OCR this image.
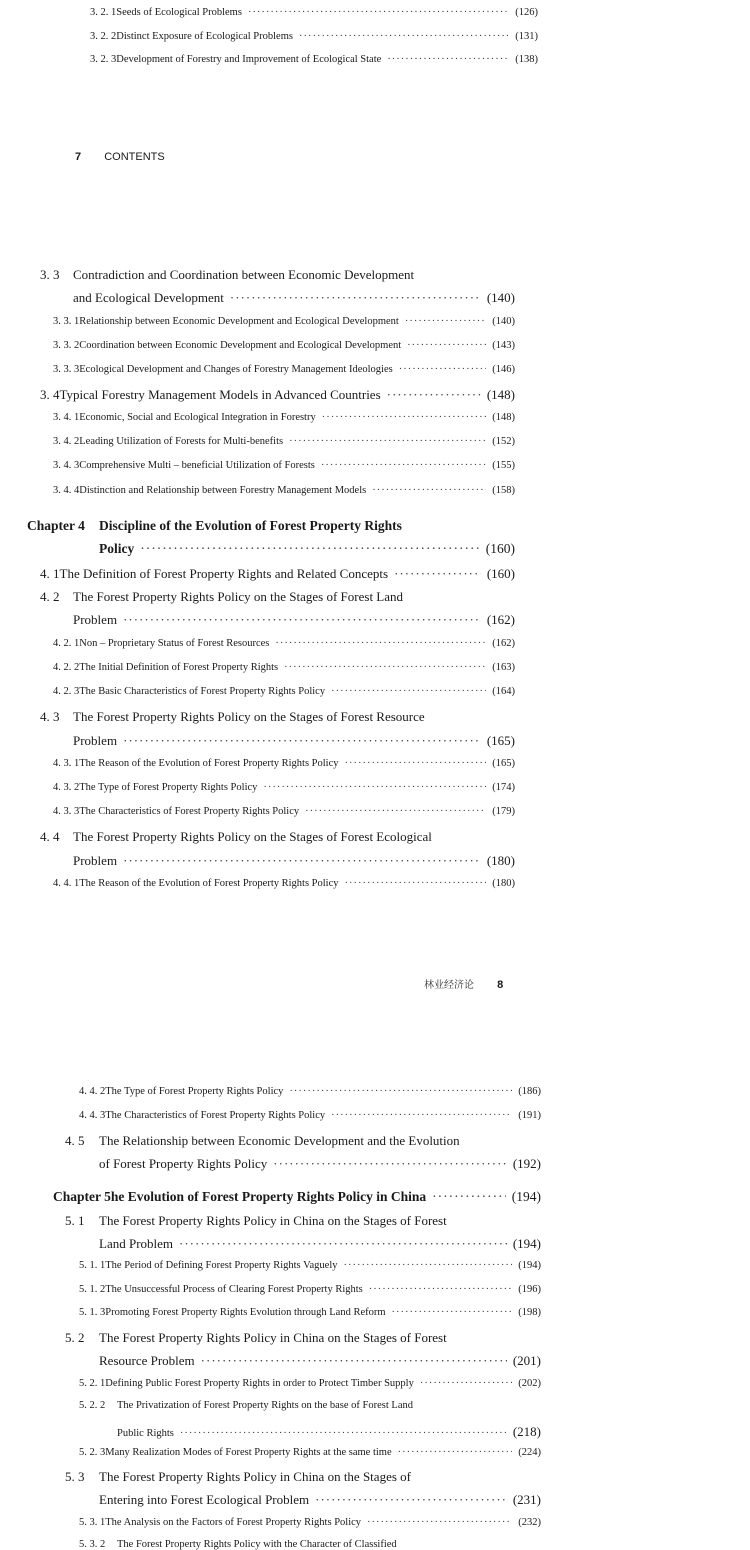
3. 2. 1 Seeds of Ecological Problems ·····	(126)
3. 2. 2 Distinct Exposure of Ecological Problems ·····	(131)
3. 2. 3 Development of Forestry and Improvement of Ecological State ·····	(138)
7 CONTENTS
3. 3	Contradiction and Coordination between Economic Development
and Ecological Development ·····	(140)
3. 3. 1 Relationship between Economic Development and Ecological Development ·····	(140)
3. 3. 2 Coordination between Economic Development and Ecological Development ·····	(143)
3. 3. 3 Ecological Development and Changes of Forestry Management Ideologies ·····	(146)
3. 4 Typical Forestry Management Models in Advanced Countries ·····	(148)
3. 4. 1 Economic, Social and Ecological Integration in Forestry ·····	(148)
3. 4. 2 Leading Utilization of Forests for Multi-benefits ·····	(152)
3. 4. 3 Comprehensive Multi – beneficial Utilization of Forests ·····	(155)
3. 4. 4 Distinction and Relationship between Forestry Management Models ·····	(158)
Chapter 4	Discipline of the Evolution of Forest Property Rights
Policy ·····	(160)
4. 1 The Definition of Forest Property Rights and Related Concepts ·····	(160)
4. 2	The Forest Property Rights Policy on the Stages of Forest Land
Problem ·····	(162)
4. 2. 1 Non – Proprietary Status of Forest Resources ·····	(162)
4. 2. 2 The Initial Definition of Forest Property Rights ·····	(163)
4. 2. 3 The Basic Characteristics of Forest Property Rights Policy ·····	(164)
4. 3	The Forest Property Rights Policy on the Stages of Forest Resource
Problem ·····	(165)
4. 3. 1 The Reason of the Evolution of Forest Property Rights Policy ·····	(165)
4. 3. 2 The Type of Forest Property Rights Policy ·····	(174)
4. 3. 3 The Characteristics of Forest Property Rights Policy ·····	(179)
4. 4	The Forest Property Rights Policy on the Stages of Forest Ecological
Problem ·····	(180)
4. 4. 1 The Reason of the Evolution of Forest Property Rights Policy ·····	(180)
林业经济论 8
4. 4. 2 The Type of Forest Property Rights Policy ·····	(186)
4. 4. 3 The Characteristics of Forest Property Rights Policy ·····	(191)
4. 5	The Relationship between Economic Development and the Evolution
of Forest Property Rights Policy ·····	(192)
Chapter 5 he Evolution of Forest Property Rights Policy in China ·····	(194)
5. 1	The Forest Property Rights Policy in China on the Stages of Forest
Land Problem ·····	(194)
5. 1. 1 The Period of Defining Forest Property Rights Vaguely ·····	(194)
5. 1. 2 The Unsuccessful Process of Clearing Forest Property Rights ·····	(196)
5. 1. 3 Promoting Forest Property Rights Evolution through Land Reform ·····	(198)
5. 2	The Forest Property Rights Policy in China on the Stages of Forest
Resource Problem ·····	(201)
5. 2. 1 Defining Public Forest Property Rights in order to Protect Timber Supply ·····	(202)
5. 2. 2	The Privatization of Forest Property Rights on the base of Forest Land
Public Rights ·····	(218)
5. 2. 3 Many Realization Modes of Forest Property Rights at the same time ·····	(224)
5. 3	The Forest Property Rights Policy in China on the Stages of
Entering into Forest Ecological Problem ·····	(231)
5. 3. 1 The Analysis on the Factors of Forest Property Rights Policy ·····	(232)
5. 3. 2	The Forest Property Rights Policy with the Character of Classified
